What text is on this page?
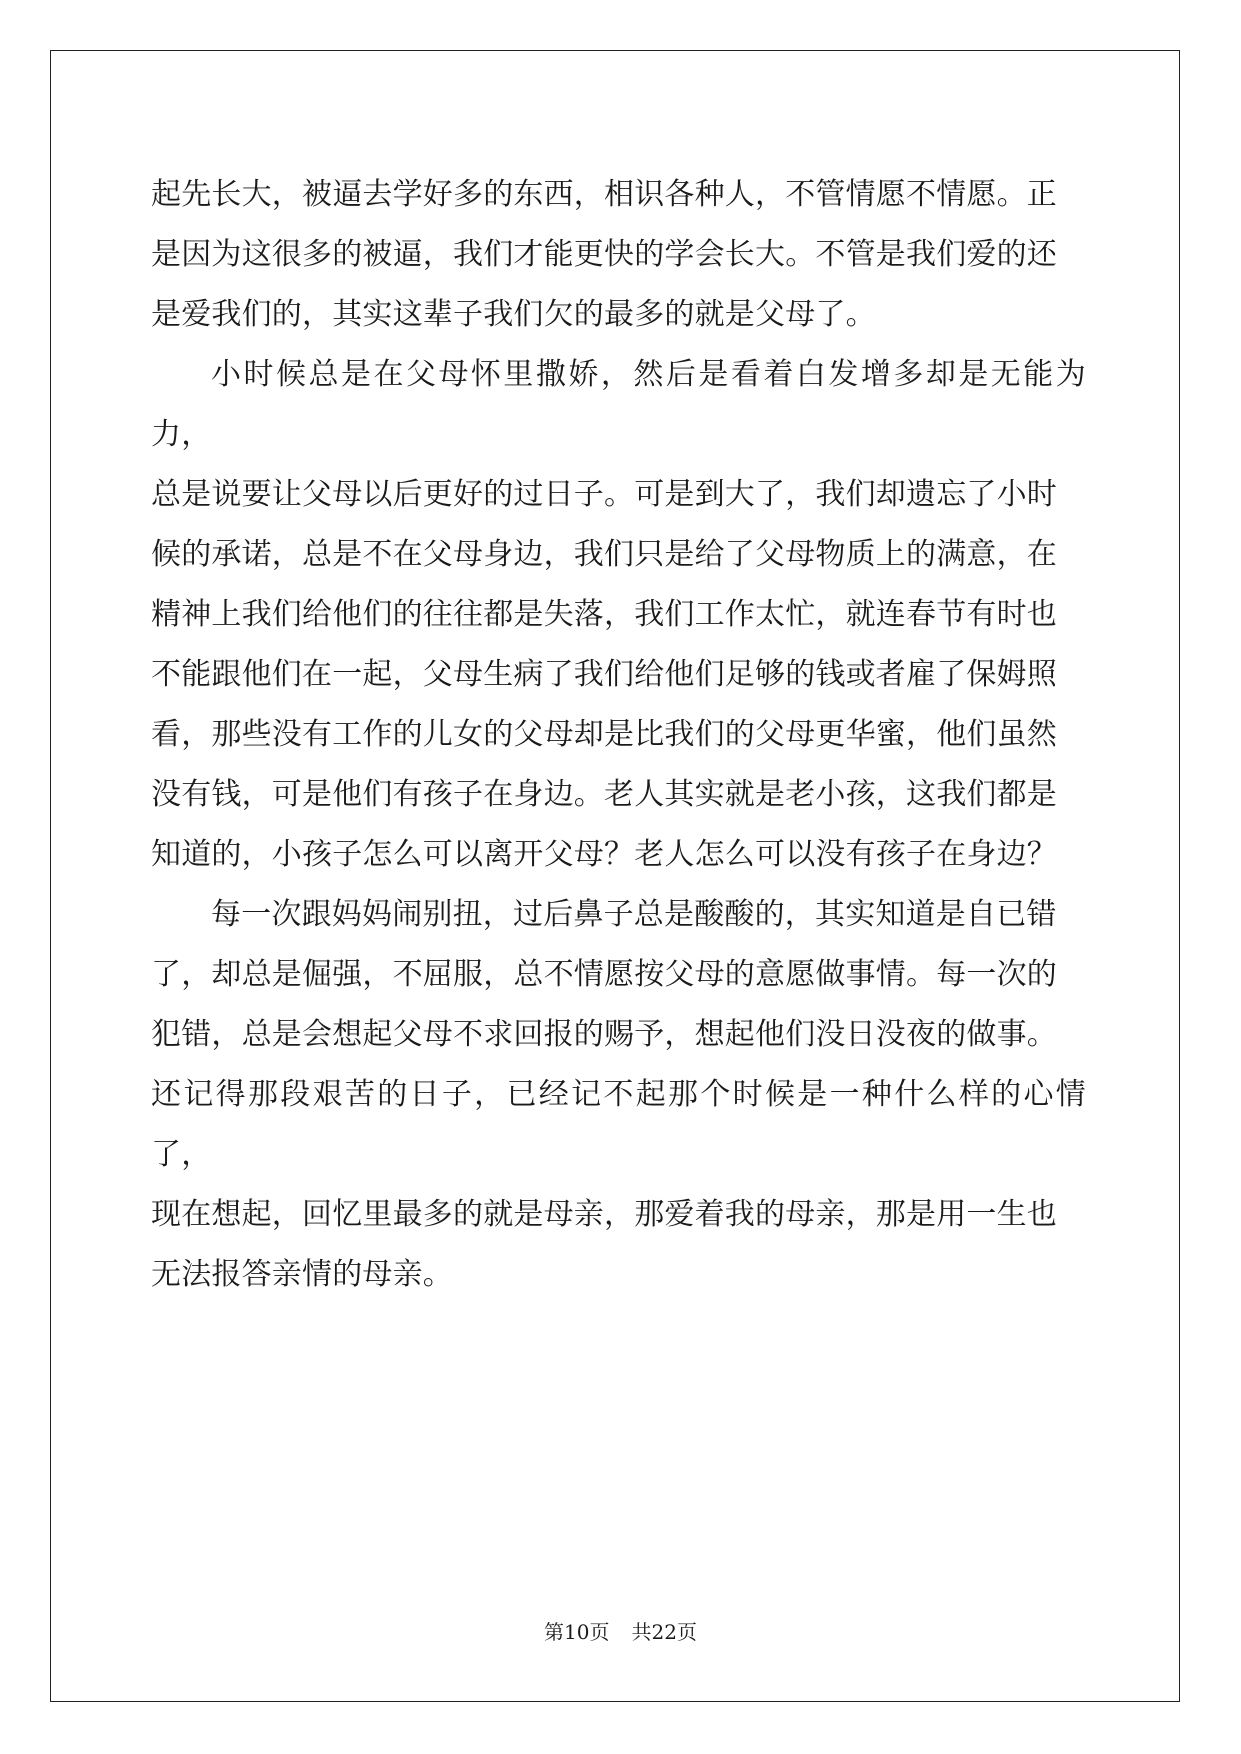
起先长大，被逼去学好多的东西，相识各种人，不管情愿不情愿。正
是因为这很多的被逼，我们才能更快的学会长大。不管是我们爱的还
是爱我们的，其实这辈子我们欠的最多的就是父母了。

小时候总是在父母怀里撒娇，然后是看着白发增多却是无能为力，
总是说要让父母以后更好的过日子。可是到大了，我们却遗忘了小时
候的承诺，总是不在父母身边，我们只是给了父母物质上的满意，在
精神上我们给他们的往往都是失落，我们工作太忙，就连春节有时也
不能跟他们在一起，父母生病了我们给他们足够的钱或者雇了保姆照
看，那些没有工作的儿女的父母却是比我们的父母更华蜜，他们虽然
没有钱，可是他们有孩子在身边。老人其实就是老小孩，这我们都是
知道的，小孩子怎么可以离开父母？老人怎么可以没有孩子在身边？

每一次跟妈妈闹别扭，过后鼻子总是酸酸的，其实知道是自已错
了，却总是倔强，不屈服，总不情愿按父母的意愿做事情。每一次的
犯错，总是会想起父母不求回报的赐予，想起他们没日没夜的做事。
还记得那段艰苦的日子，已经记不起那个时候是一种什么样的心情了，
现在想起，回忆里最多的就是母亲，那爱着我的母亲，那是用一生也
无法报答亲情的母亲。

第10页 共22页
